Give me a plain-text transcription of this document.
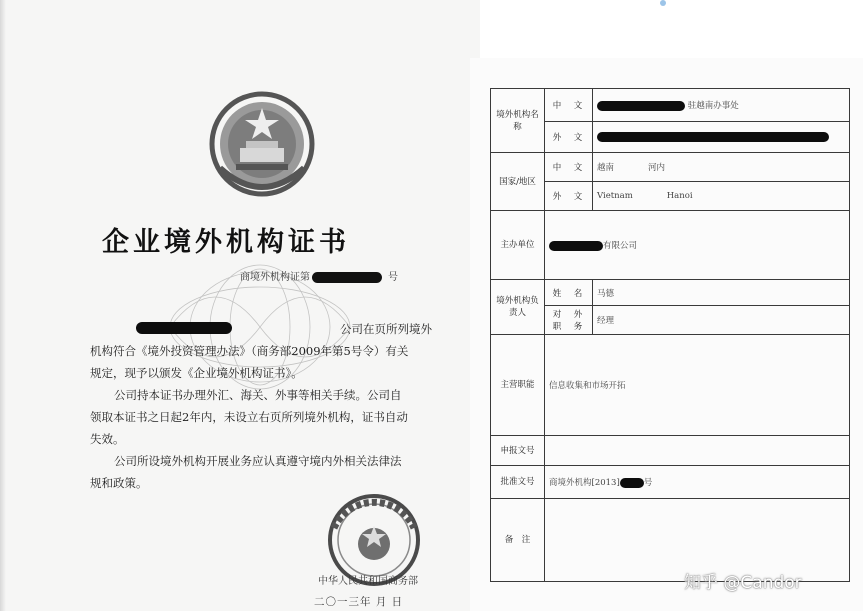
企业境外机构证书
商境外机构证第	号
公司在页所列境外
机构符合《境外投资管理办法》（商务部2009年第5号令）有关
规定，现予以颁发《企业境外机构证书》。
公司持本证书办理外汇、海关、外事等相关手续。公司自
领取本证书之日起2年内，未设立右页所列境外机构，证书自动
失效。
公司所设境外机构开展业务应认真遵守境内外相关法律法
规和政策。
中华人民共和国商务部
二〇一三年 月 日
境外机构名　称	中　文	驻越南办事处
	外　文	
国家/地区	中　文	越南 河内
	外　文	Vietnam Hanoi
主办单位	有限公司	
境外机构负责人	姓　名	马德
	对　外职　务	经理
主营职能	信息收集和市场开拓	
申报文号		
批准文号	商境外机构[2013] 号	
备　注		
知乎 @Candor
